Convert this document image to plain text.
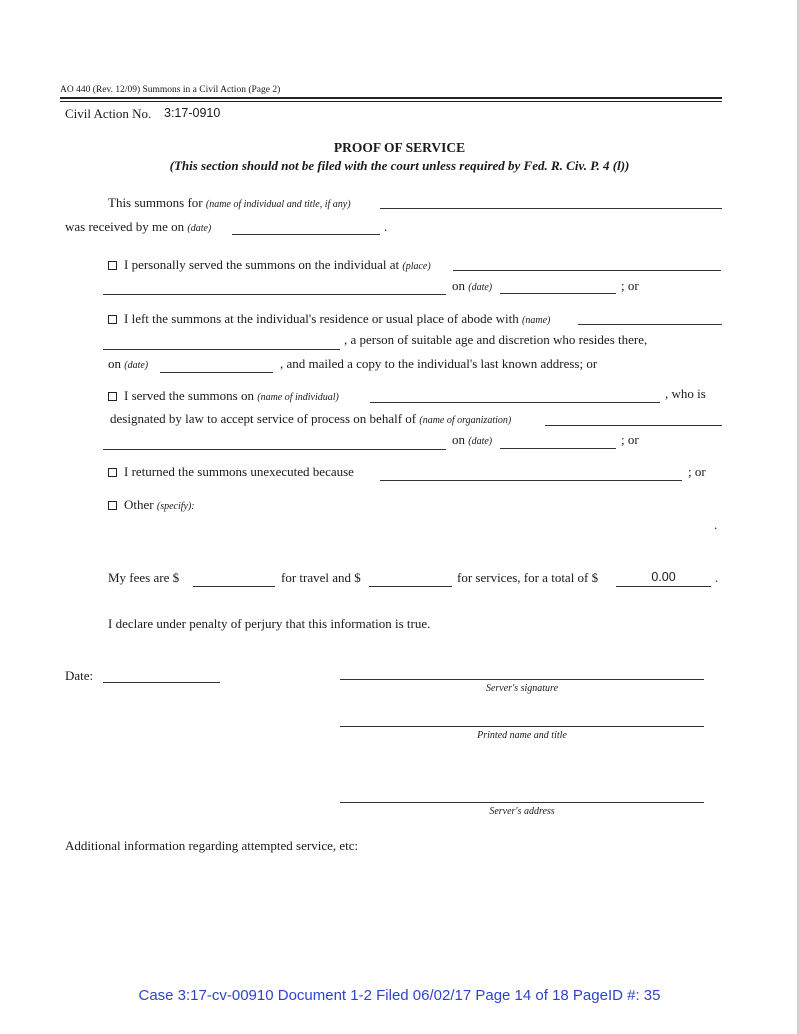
AO 440 (Rev. 12/09) Summons in a Civil Action (Page 2)
Civil Action No. 3:17-0910
PROOF OF SERVICE
(This section should not be filed with the court unless required by Fed. R. Civ. P. 4 (l))
This summons for (name of individual and title, if any)
was received by me on (date)	.
I personally served the summons on the individual at (place)
on (date)	; or
I left the summons at the individual's residence or usual place of abode with (name)
, a person of suitable age and discretion who resides there,
on (date)	, and mailed a copy to the individual's last known address; or
I served the summons on (name of individual)	, who is
designated by law to accept service of process on behalf of (name of organization)
on (date)	; or
I returned the summons unexecuted because	; or
Other (specify):
.
My fees are $	for travel and $	for services, for a total of $	0.00	.
I declare under penalty of perjury that this information is true.
Date:
Server's signature
Printed name and title
Server's address
Additional information regarding attempted service, etc:
Case 3:17-cv-00910 Document 1-2 Filed 06/02/17 Page 14 of 18 PageID #: 35
